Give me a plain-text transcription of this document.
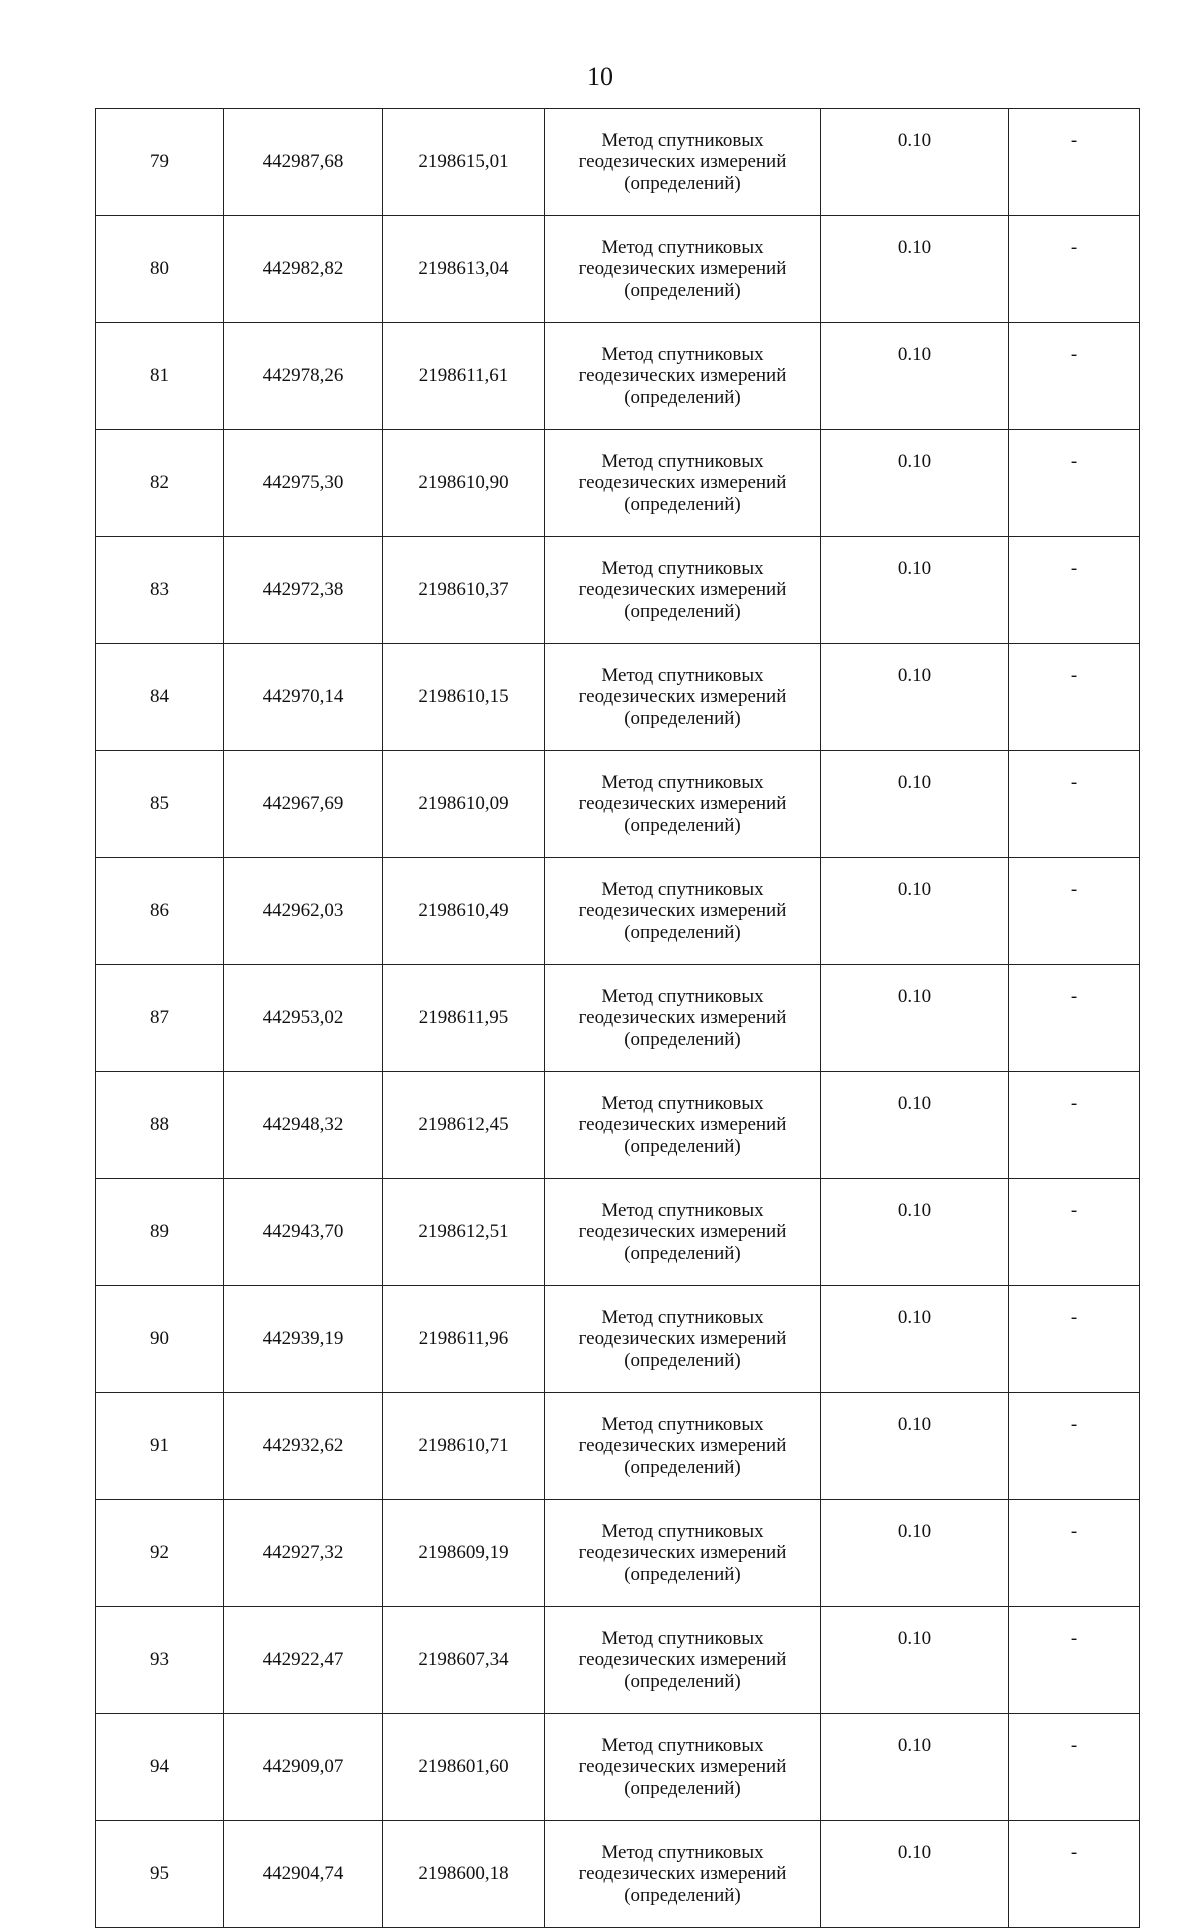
10
79	442987,68	2198615,01	Метод спутниковых
геодезических измерений
(определений)	0.10	-
80	442982,82	2198613,04	Метод спутниковых
геодезических измерений
(определений)	0.10	-
81	442978,26	2198611,61	Метод спутниковых
геодезических измерений
(определений)	0.10	-
82	442975,30	2198610,90	Метод спутниковых
геодезических измерений
(определений)	0.10	-
83	442972,38	2198610,37	Метод спутниковых
геодезических измерений
(определений)	0.10	-
84	442970,14	2198610,15	Метод спутниковых
геодезических измерений
(определений)	0.10	-
85	442967,69	2198610,09	Метод спутниковых
геодезических измерений
(определений)	0.10	-
86	442962,03	2198610,49	Метод спутниковых
геодезических измерений
(определений)	0.10	-
87	442953,02	2198611,95	Метод спутниковых
геодезических измерений
(определений)	0.10	-
88	442948,32	2198612,45	Метод спутниковых
геодезических измерений
(определений)	0.10	-
89	442943,70	2198612,51	Метод спутниковых
геодезических измерений
(определений)	0.10	-
90	442939,19	2198611,96	Метод спутниковых
геодезических измерений
(определений)	0.10	-
91	442932,62	2198610,71	Метод спутниковых
геодезических измерений
(определений)	0.10	-
92	442927,32	2198609,19	Метод спутниковых
геодезических измерений
(определений)	0.10	-
93	442922,47	2198607,34	Метод спутниковых
геодезических измерений
(определений)	0.10	-
94	442909,07	2198601,60	Метод спутниковых
геодезических измерений
(определений)	0.10	-
95	442904,74	2198600,18	Метод спутниковых
геодезических измерений
(определений)	0.10	-
